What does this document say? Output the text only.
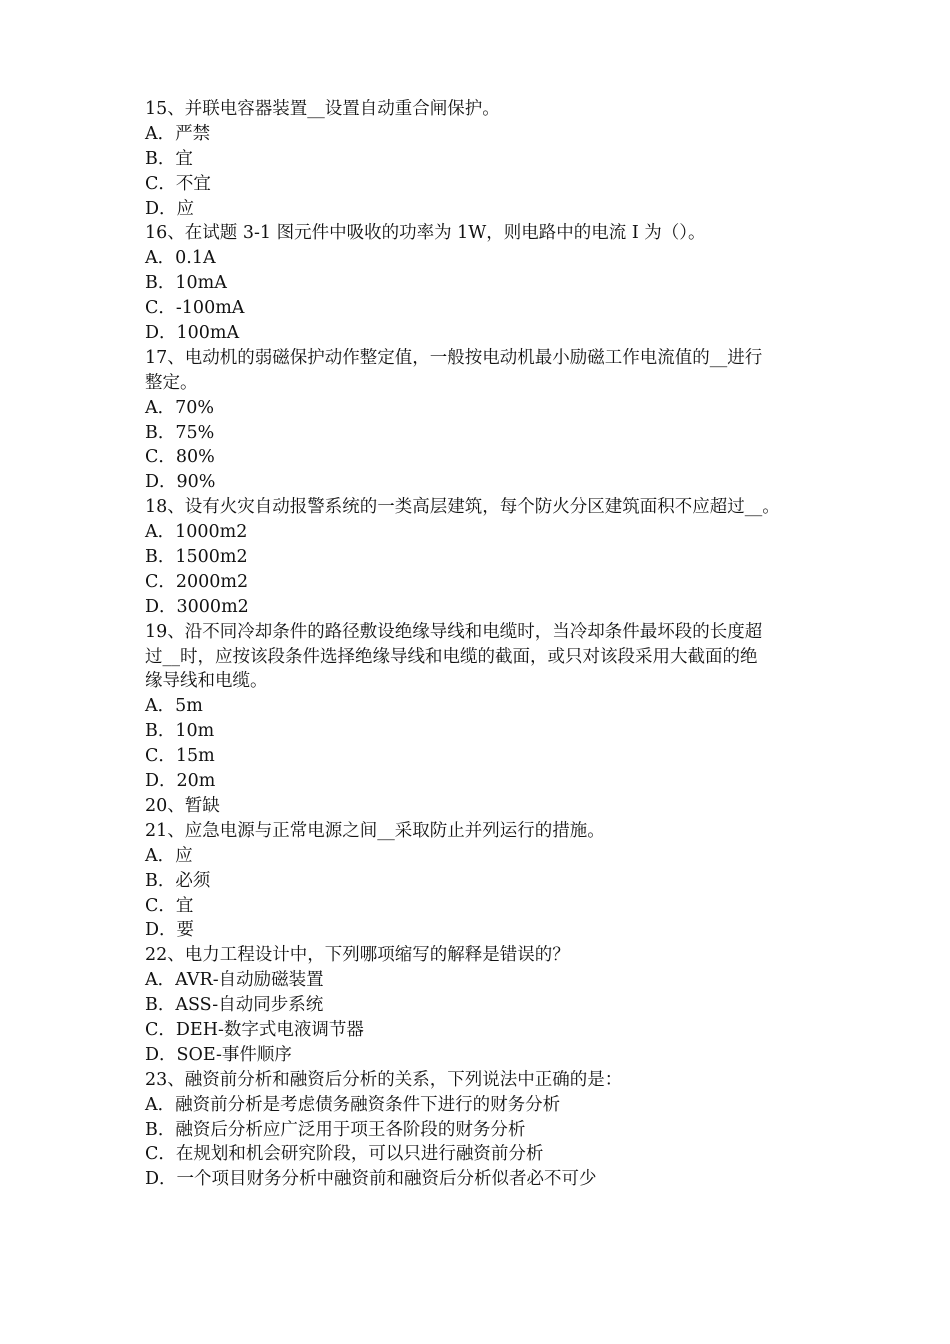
15、并联电容器装置__设置自动重合闸保护。
A．严禁
B．宜
C．不宜
D．应
16、在试题 3-1 图元件中吸收的功率为 1W，则电路中的电流 I 为（）。
A．0.1A
B．10mA
C．-100mA
D．100mA
17、电动机的弱磁保护动作整定值，一般按电动机最小励磁工作电流值的__进行
整定。
A．70%
B．75%
C．80%
D．90%
18、设有火灾自动报警系统的一类高层建筑，每个防火分区建筑面积不应超过__。
A．1000m2
B．1500m2
C．2000m2
D．3000m2
19、沿不同冷却条件的路径敷设绝缘导线和电缆时，当冷却条件最坏段的长度超
过__时，应按该段条件选择绝缘导线和电缆的截面，或只对该段采用大截面的绝
缘导线和电缆。
A．5m
B．10m
C．15m
D．20m
20、暂缺
21、应急电源与正常电源之间__采取防止并列运行的措施。
A．应
B．必须
C．宜
D．要
22、电力工程设计中，下列哪项缩写的解释是错误的？
A．AVR-自动励磁装置
B．ASS-自动同步系统
C．DEH-数字式电液调节器
D．SOE-事件顺序
23、融资前分析和融资后分析的关系，下列说法中正确的是：
A．融资前分析是考虑债务融资条件下进行的财务分析
B．融资后分析应广泛用于项王各阶段的财务分析
C．在规划和机会研究阶段，可以只进行融资前分析
D．一个项目财务分析中融资前和融资后分析似者必不可少
